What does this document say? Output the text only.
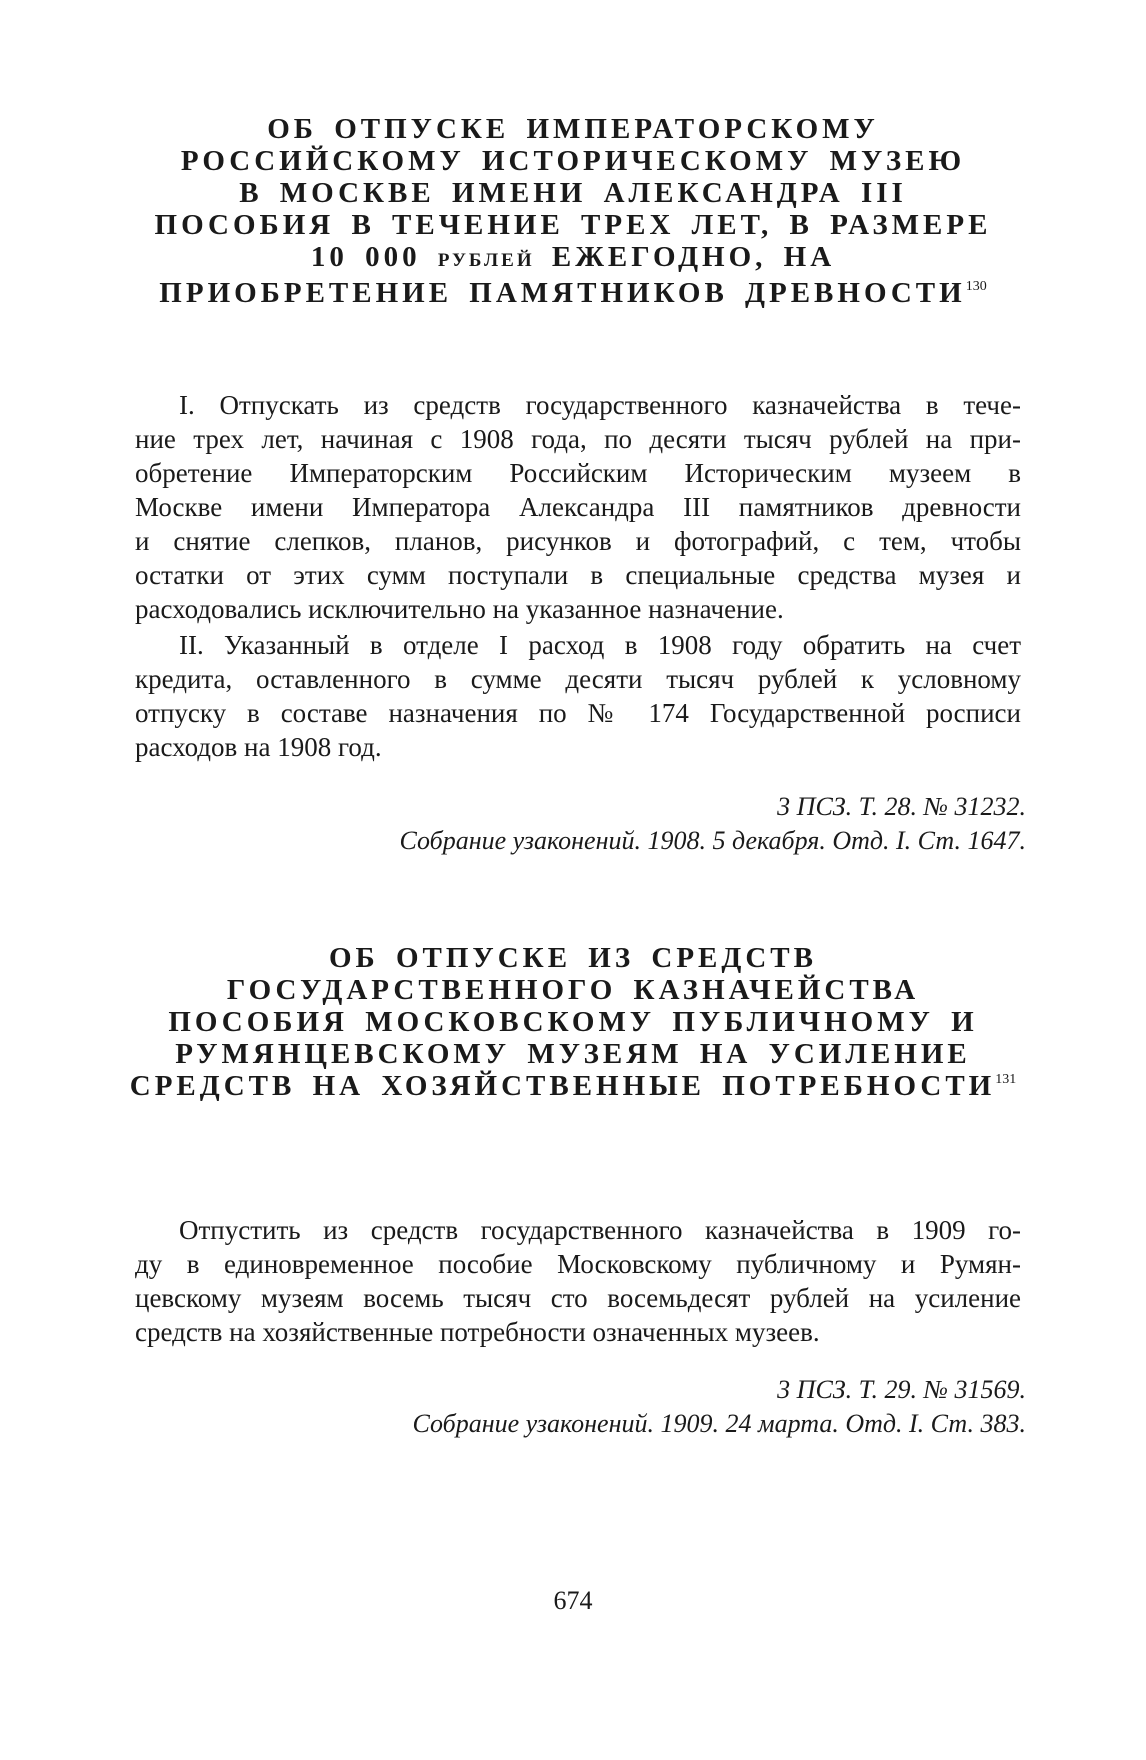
ОБ ОТПУСКЕ ИМПЕРАТОРСКОМУ
РОССИЙСКОМУ ИСТОРИЧЕСКОМУ МУЗЕЮ
В МОСКВЕ ИМЕНИ АЛЕКСАНДРА III
ПОСОБИЯ В ТЕЧЕНИЕ ТРЕХ ЛЕТ, В РАЗМЕРЕ
10 000 РУБЛЕЙ ЕЖЕГОДНО, НА
ПРИОБРЕТЕНИЕ ПАМЯТНИКОВ ДРЕВНОСТИ$^{130}$

I. Отпускать из средств государственного казначейства в тече-
ние трех лет, начиная с 1908 года, по десяти тысяч рублей на при-
обретение Императорским Российским Историческим музеем в
Москве имени Императора Александра III памятников древности
и снятие слепков, планов, рисунков и фотографий, с тем, чтобы
остатки от этих сумм поступали в специальные средства музея и
расходовались исключительно на указанное назначение.

II. Указанный в отделе I расход в 1908 году обратить на счет
кредита, оставленного в сумме десяти тысяч рублей к условному
отпуску в составе назначения по № 174 Государственной росписи
расходов на 1908 год.

3 ПСЗ. Т. 28. № 31232.
Собрание узаконений. 1908. 5 декабря. Отд. I. Ст. 1647.
ОБ ОТПУСКЕ ИЗ СРЕДСТВ
ГОСУДАРСТВЕННОГО КАЗНАЧЕЙСТВА
ПОСОБИЯ МОСКОВСКОМУ ПУБЛИЧНОМУ И
РУМЯНЦЕВСКОМУ МУЗЕЯМ НА УСИЛЕНИЕ
СРЕДСТВ НА ХОЗЯЙСТВЕННЫЕ ПОТРЕБНОСТИ$^{131}$

Отпустить из средств государственного казначейства в 1909 го-
ду в единовременное пособие Московскому публичному и Румян-
цевскому музеям восемь тысяч сто восемьдесят рублей на усиление
средств на хозяйственные потребности означенных музеев.

3 ПСЗ. Т. 29. № 31569.
Собрание узаконений. 1909. 24 марта. Отд. I. Ст. 383.
674
